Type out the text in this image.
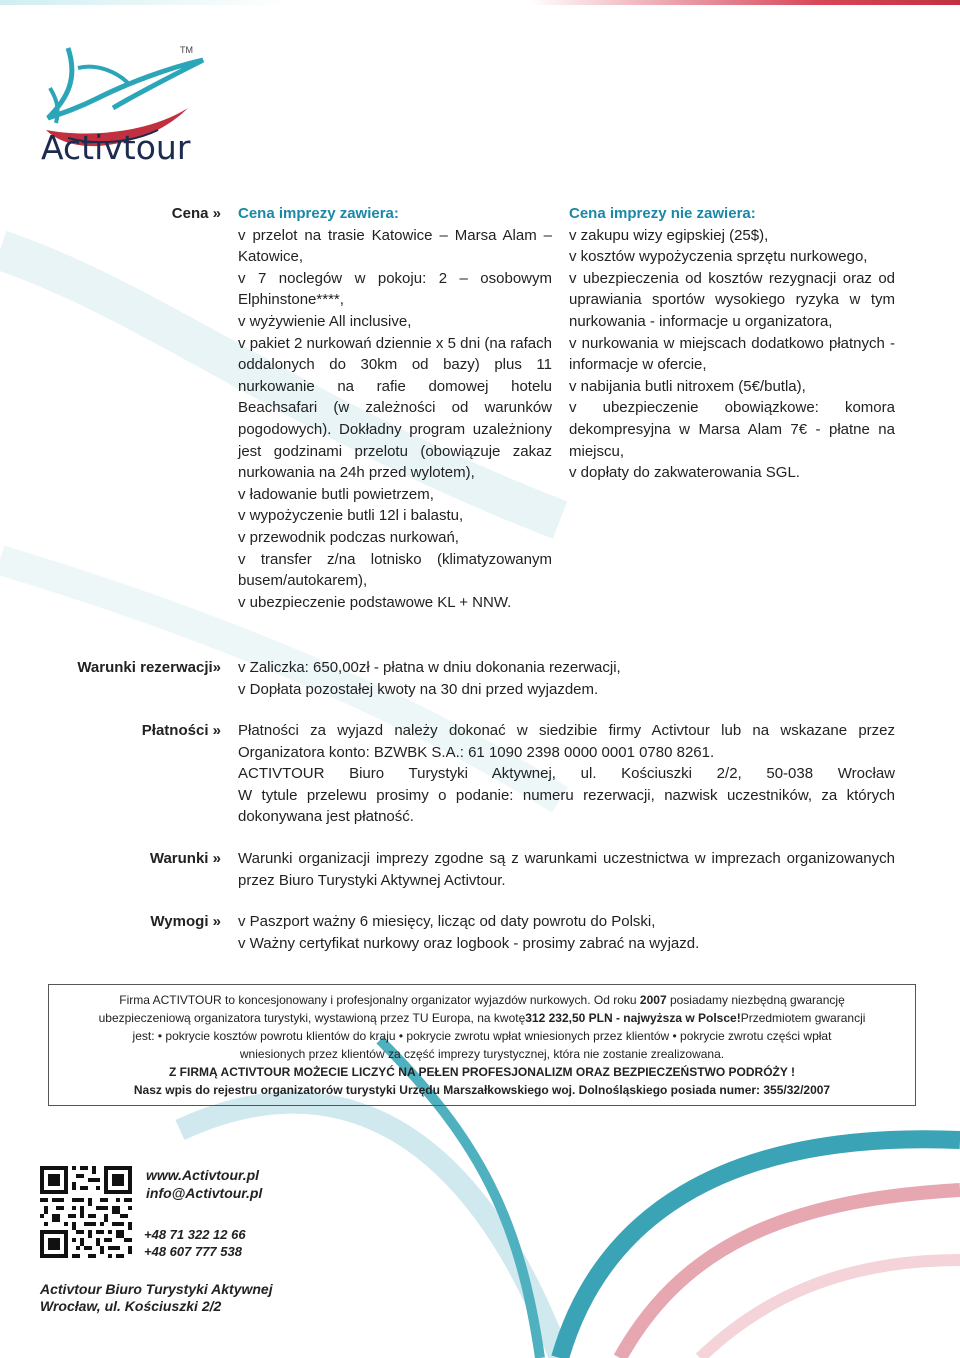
TM
Activtour
Cena » Cena imprezy zawiera:
v przelot na trasie Katowice – Marsa Alam – Katowice,
v 7 noclegów w pokoju: 2 – osobowym Elphinstone****,
v wyżywienie All inclusive,
v pakiet 2 nurkowań dziennie x 5 dni (na rafach oddalonych do 30km od bazy) plus 11 nurkowanie na rafie domowej hotelu Beachsafari (w zależności od warunków pogodowych). Dokładny program uzależniony jest godzinami przelotu (obowiązuje zakaz nurkowania na 24h przed wylotem),
v ładowanie butli powietrzem,
v wypożyczenie butli 12l i balastu,
v przewodnik podczas nurkowań,
v transfer z/na lotnisko (klimatyzowanym busem/autokarem),
v ubezpieczenie podstawowe KL + NNW.
Cena imprezy nie zawiera:
v zakupu wizy egipskiej (25$),
v kosztów wypożyczenia sprzętu nurkowego,
v ubezpieczenia od kosztów rezygnacji oraz od uprawiania sportów wysokiego ryzyka w tym nurkowania - informacje u organizatora,
v nurkowania w miejscach dodatkowo płatnych - informacje w ofercie,
v nabijania butli nitroxem (5€/butla),
v ubezpieczenie obowiązkowe: komora dekompresyjna w Marsa Alam 7€ - płatne na miejscu,
v dopłaty do zakwaterowania SGL.
Warunki rezerwacji» v Zaliczka: 650,00zł - płatna w dniu dokonania rezerwacji,
v Dopłata pozostałej kwoty na 30 dni przed wyjazdem.
Płatności » Płatności za wyjazd należy dokonać w siedzibie firmy Activtour lub na wskazane przez Organizatora konto: BZWBK S.A.: 61 1090 2398 0000 0001 0780 8261.
ACTIVTOUR Biuro Turystyki Aktywnej, ul. Kościuszki 2/2, 50-038 Wrocław
W tytule przelewu prosimy o podanie: numeru rezerwacji, nazwisk uczestników, za których dokonywana jest płatność.
Warunki » Warunki organizacji imprezy zgodne są z warunkami uczestnictwa w imprezach organizowanych przez Biuro Turystyki Aktywnej Activtour.
Wymogi » v Paszport ważny 6 miesięcy, licząc od daty powrotu do Polski,
v Ważny certyfikat nurkowy oraz logbook - prosimy zabrać na wyjazd.
Firma ACTIVTOUR to koncesjonowany i profesjonalny organizator wyjazdów nurkowych. Od roku 2007 posiadamy niezbędną gwarancję
ubezpieczeniową organizatora turystyki, wystawioną przez TU Europa, na kwotę312 232,50 PLN - najwyższa w Polsce!Przedmiotem gwarancji
jest: • pokrycie kosztów powrotu klientów do kraju • pokrycie zwrotu wpłat wniesionych przez klientów • pokrycie zwrotu części wpłat
wniesionych przez klientów za część imprezy turystycznej, która nie zostanie zrealizowana.
Z FIRMĄ ACTIVTOUR MOŻECIE LICZYĆ NA PEŁEN PROFESJONALIZM ORAZ BEZPIECZEŃSTWO PODRÓŻY !
Nasz wpis do rejestru organizatorów turystyki Urzędu Marszałkowskiego woj. Dolnośląskiego posiada numer: 355/32/2007
www.Activtour.pl
info@Activtour.pl
+48 71 322 12 66
+48 607 777 538
Activtour Biuro Turystyki Aktywnej
Wrocław, ul. Kościuszki 2/2
